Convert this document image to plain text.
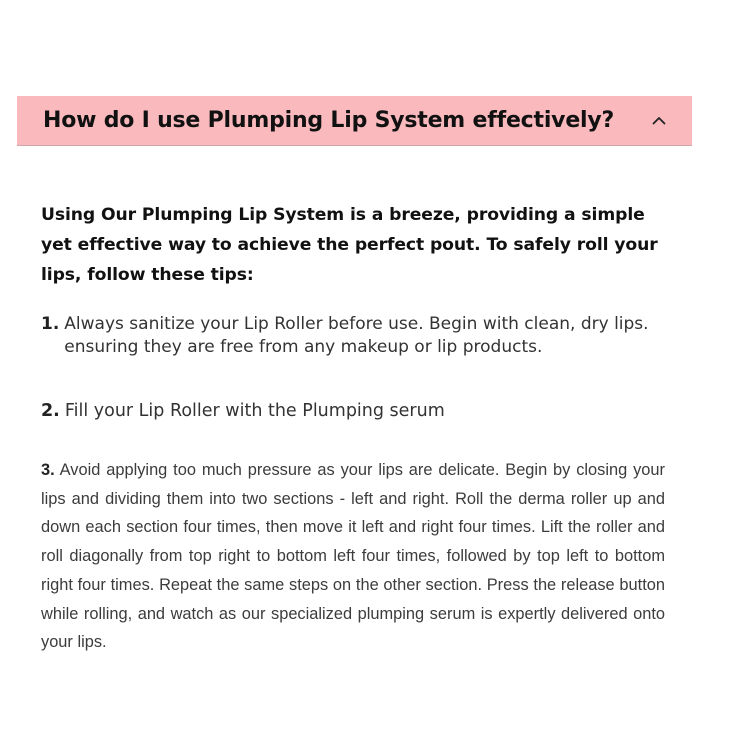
How do I use Plumping Lip System effectively?

Using Our Plumping Lip System is a breeze, providing a simple yet effective way to achieve the perfect pout. To safely roll your lips, follow these tips:

1. Always sanitize your Lip Roller before use. Begin with clean, dry lips. ensuring they are free from any makeup or lip products.
2. Fill your Lip Roller with the Plumping serum

3. Avoid applying too much pressure as your lips are delicate. Begin by closing your lips and dividing them into two sections - left and right. Roll the derma roller up and down each section four times, then move it left and right four times. Lift the roller and roll diagonally from top right to bottom left four times, followed by top left to bottom right four times. Repeat the same steps on the other section. Press the release button while rolling, and watch as our specialized plumping serum is expertly delivered onto your lips.
